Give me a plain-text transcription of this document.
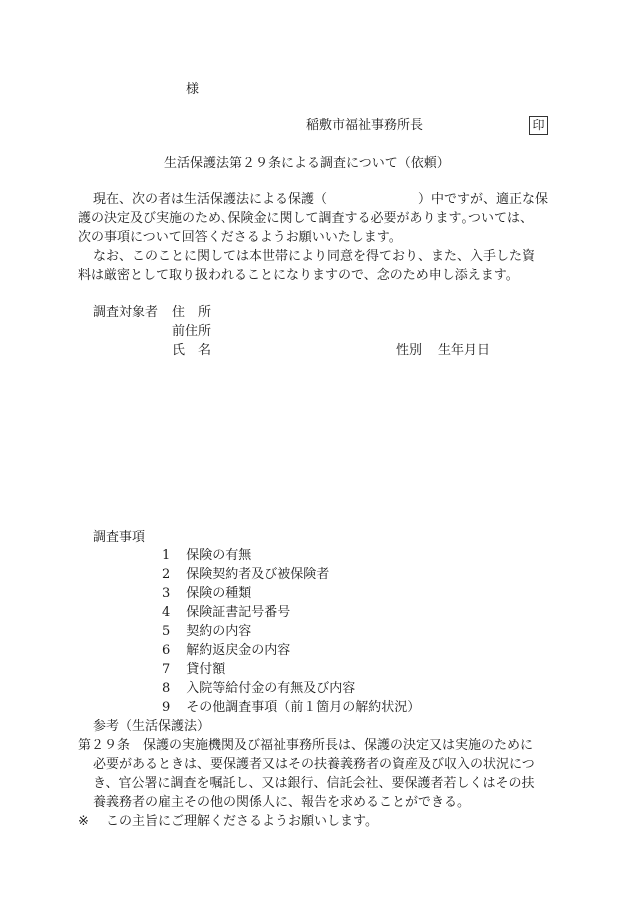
様
稲敷市福祉事務所長	印
生活保護法第２９条による調査について（依頼）
現在、次の者は生活保護法による保護（　　　　　　　）中ですが、適正な保
護の決定及び実施のため､保険金に関して調査する必要があります｡ついては、
次の事項について回答くださるようお願いいたします。
なお、このことに関しては本世帯により同意を得ており、また、入手した資
料は厳密として取り扱われることになりますので、念のため申し添えます。
調査対象者 住　所
前住所
氏　名	性別 生年月日
調査事項
1 保険の有無
2 保険契約者及び被保険者
3 保険の種類
4 保険証書記号番号
5 契約の内容
6 解約返戻金の内容
7 貸付額
8 入院等給付金の有無及び内容
9 その他調査事項（前１箇月の解約状況）
参考（生活保護法）
第２９条　保護の実施機関及び福祉事務所長は、保護の決定又は実施のために
必要があるときは、要保護者又はその扶養義務者の資産及び収入の状況につ
き、官公署に調査を嘱託し、又は銀行、信託会社、要保護者若しくはその扶
養義務者の雇主その他の関係人に、報告を求めることができる。
※ この主旨にご理解くださるようお願いします。
